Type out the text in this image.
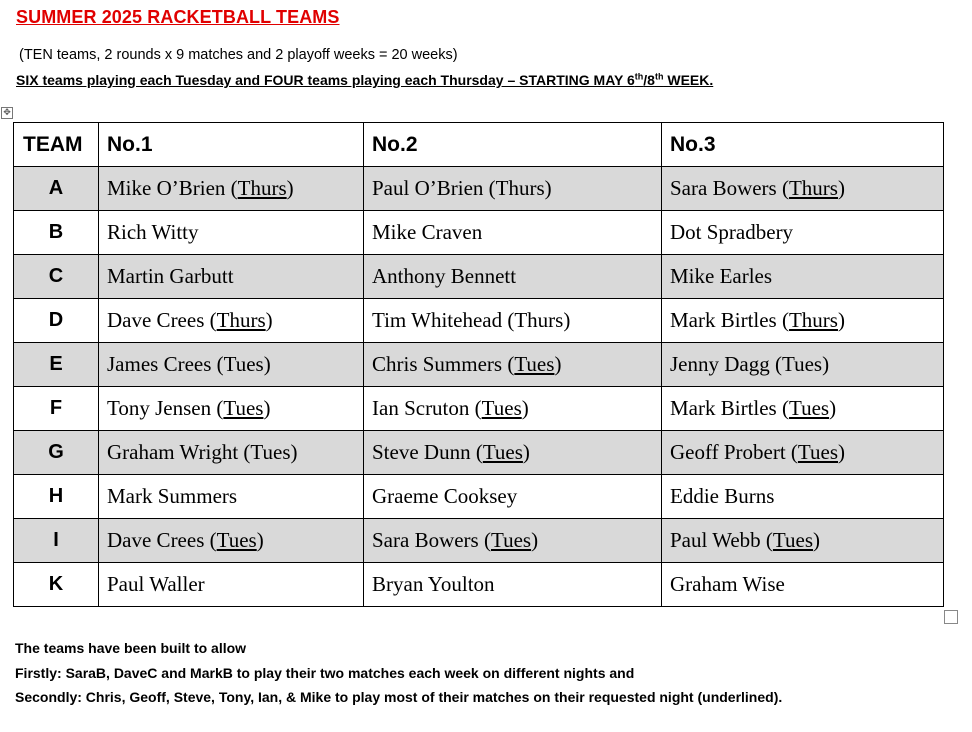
SUMMER 2025 RACKETBALL TEAMS
(TEN teams, 2 rounds x 9 matches and 2 playoff weeks = 20 weeks)
SIX teams playing each Tuesday and FOUR teams playing each Thursday – STARTING MAY 6th/8th WEEK.
✥
TEAM	No.1	No.2	No.3
A	Mike O’Brien (Thurs)	Paul O’Brien (Thurs)	Sara Bowers (Thurs)
B	Rich Witty	Mike Craven	Dot Spradbery
C	Martin Garbutt	Anthony Bennett	Mike Earles
D	Dave Crees (Thurs)	Tim Whitehead (Thurs)	Mark Birtles (Thurs)
E	James Crees (Tues)	Chris Summers (Tues)	Jenny Dagg (Tues)
F	Tony Jensen (Tues)	Ian Scruton (Tues)	Mark Birtles (Tues)
G	Graham Wright (Tues)	Steve Dunn (Tues)	Geoff Probert (Tues)
H	Mark Summers	Graeme Cooksey	Eddie Burns
I	Dave Crees (Tues)	Sara Bowers (Tues)	Paul Webb (Tues)
K	Paul Waller	Bryan Youlton	Graham Wise
The teams have been built to allow
Firstly: SaraB, DaveC and MarkB to play their two matches each week on different nights and
Secondly: Chris, Geoff, Steve, Tony, Ian, & Mike to play most of their matches on their requested night (underlined).
